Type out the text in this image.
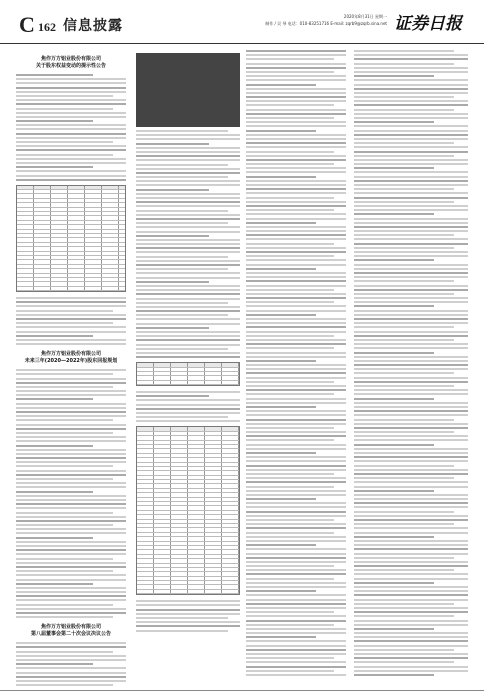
C 162 信息披露
2020年8月31日 星期一
制作 / 吴 琴 电话：010-83251716 E-mail: zqrb9@zqrb.sina.net 证券日报
焦作万方铝业股份有限公司
关于股东权益变动的提示性公告
焦作万方铝业股份有限公司
未来三年(2020—2022年)股东回报规划
焦作万方铝业股份有限公司
第八届董事会第二十次会议决议公告
